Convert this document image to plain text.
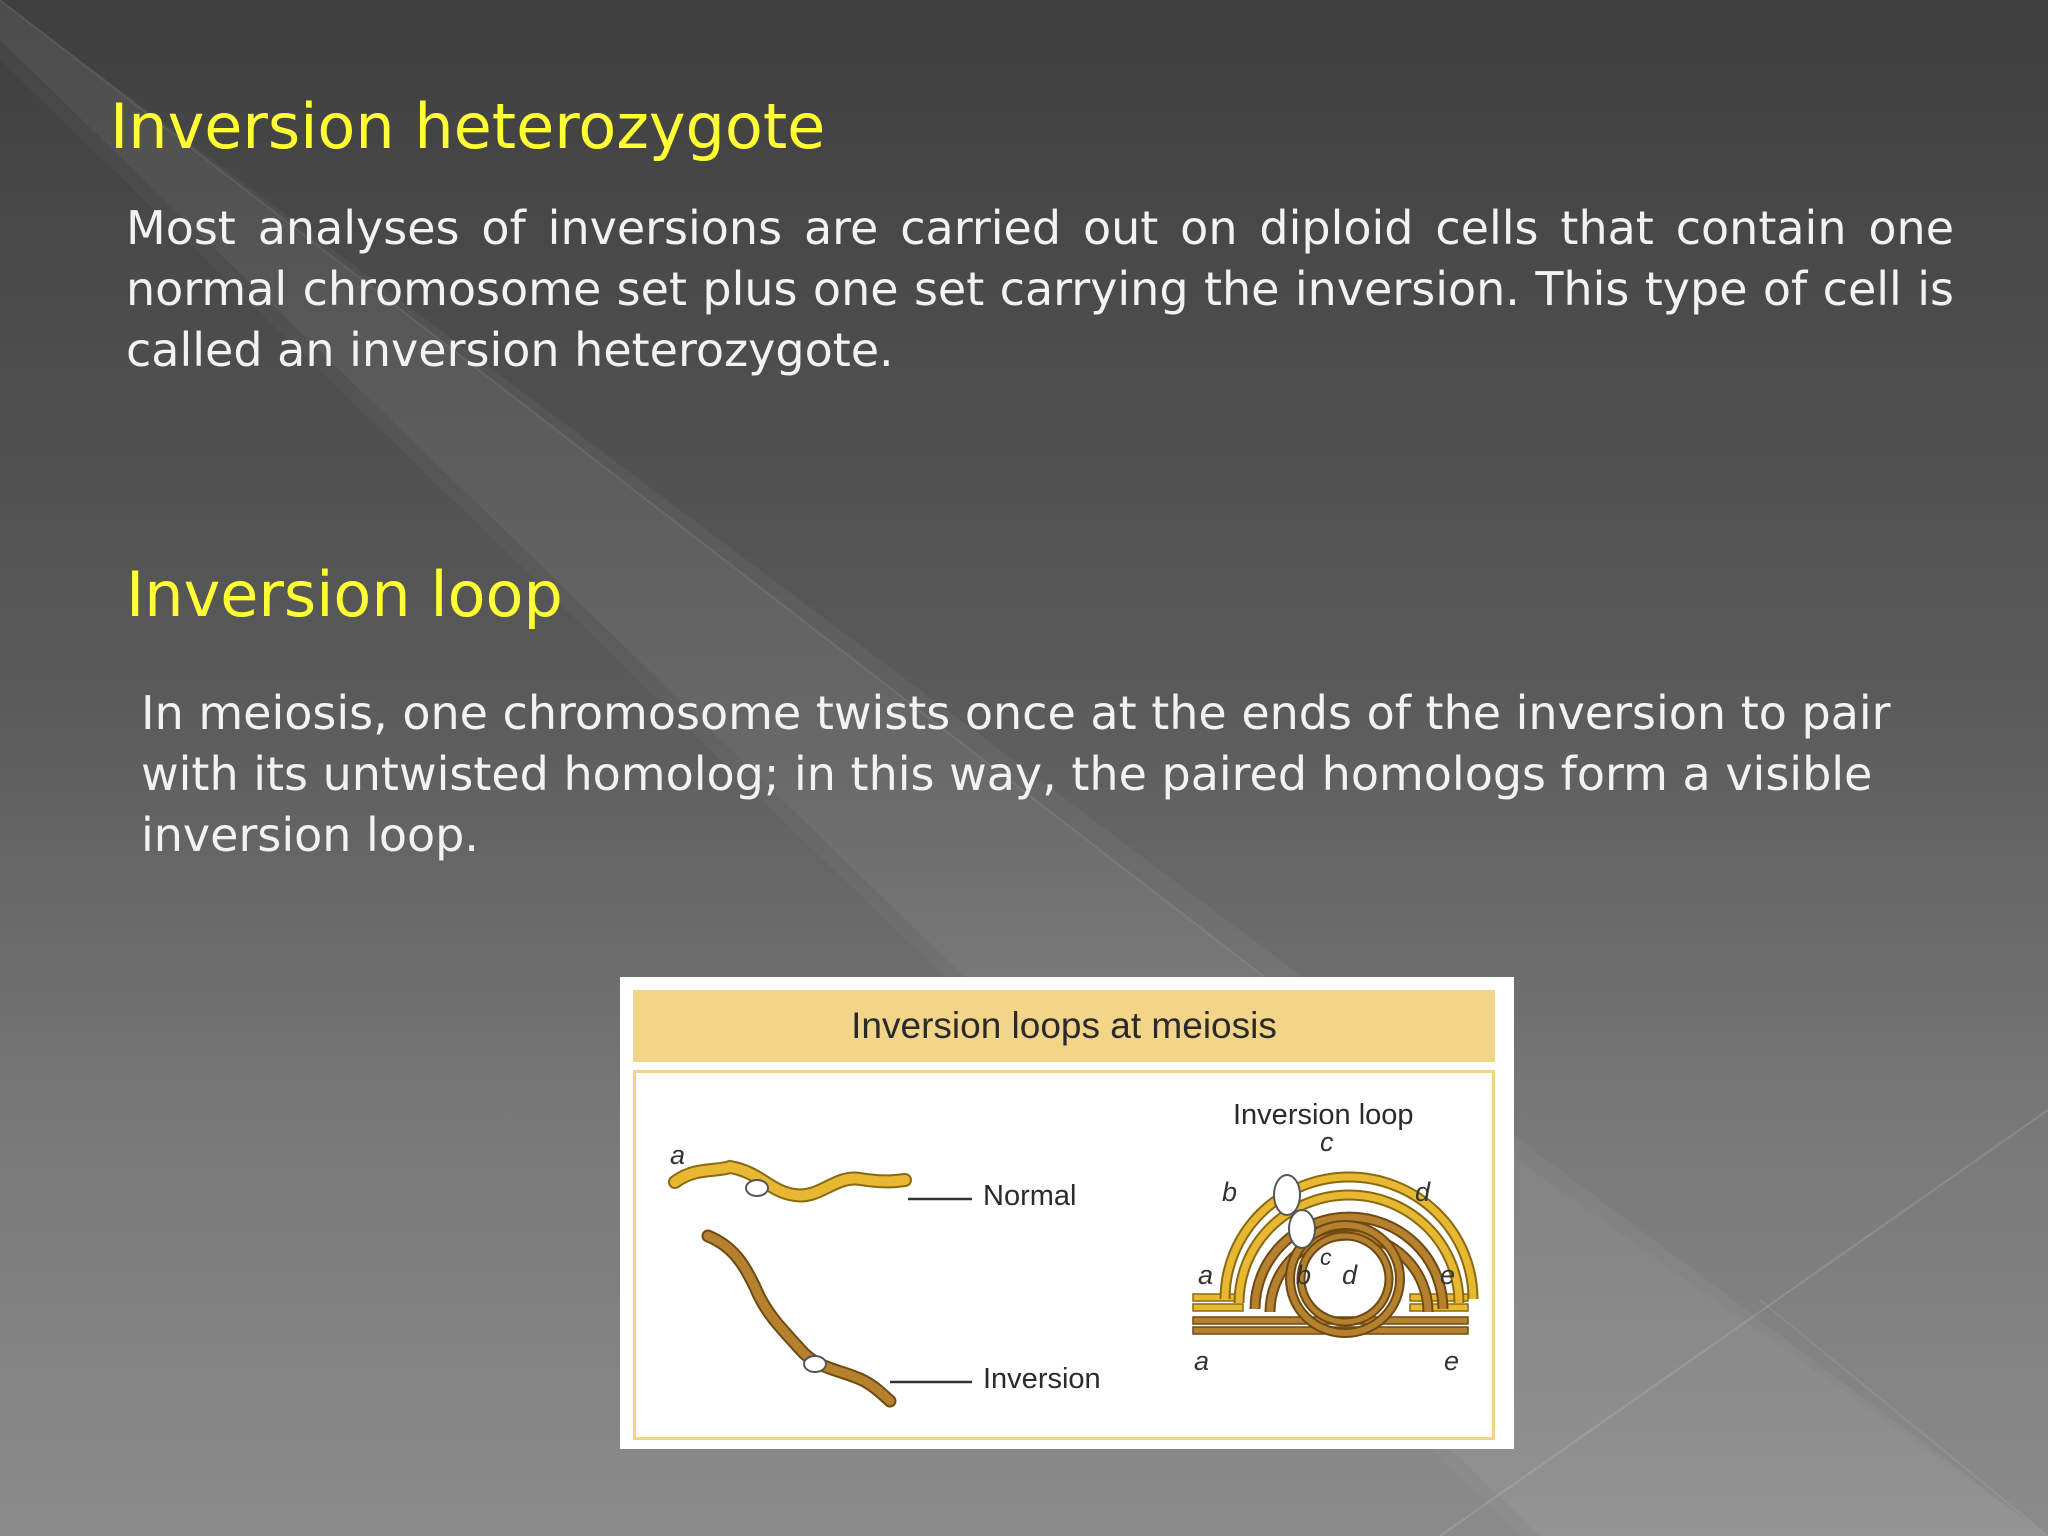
Inversion heterozygote

Most analyses of inversions are carried out on diploid cells that contain one normal chromosome set plus one set carrying the inversion. This type of cell is called an inversion heterozygote.

Inversion loop

In meiosis, one chromosome twists once at the ends of the inversion to pair with its untwisted homolog; in this way, the paired homologs form a visible inversion loop.

Inversion loops at meiosis
Normal
Inversion
Inversion loop
a	c
b	d
a	e
b
c
d
a	e
